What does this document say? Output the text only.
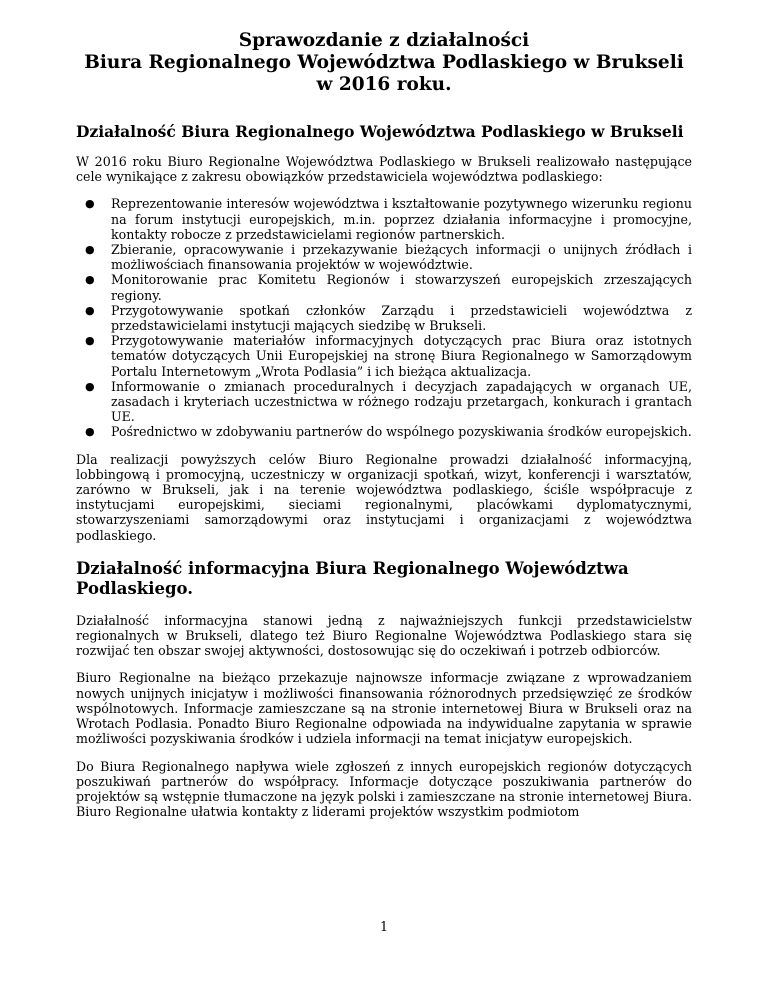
Sprawozdanie z działalności
Biura Regionalnego Województwa Podlaskiego w Brukseli
w 2016 roku.
Działalność Biura Regionalnego Województwa Podlaskiego w Brukseli

W 2016 roku Biuro Regionalne Województwa Podlaskiego w Brukseli realizowało następujące cele wynikające z zakresu obowiązków przedstawiciela województwa podlaskiego:

● Reprezentowanie interesów województwa i kształtowanie pozytywnego wizerunku regionu na forum instytucji europejskich, m.in. poprzez działania informacyjne i promocyjne, kontakty robocze z przedstawicielami regionów partnerskich.
● Zbieranie, opracowywanie i przekazywanie bieżących informacji o unijnych źródłach i możliwościach finansowania projektów w województwie.
● Monitorowanie prac Komitetu Regionów i stowarzyszeń europejskich zrzeszających regiony.
● Przygotowywanie spotkań członków Zarządu i przedstawicieli województwa z przedstawicielami instytucji mających siedzibę w Brukseli.
● Przygotowywanie materiałów informacyjnych dotyczących prac Biura oraz istotnych tematów dotyczących Unii Europejskiej na stronę Biura Regionalnego w Samorządowym Portalu Internetowym „Wrota Podlasia” i ich bieżąca aktualizacja.
● Informowanie o zmianach proceduralnych i decyzjach zapadających w organach UE, zasadach i kryteriach uczestnictwa w różnego rodzaju przetargach, konkurach i grantach UE.
● Pośrednictwo w zdobywaniu partnerów do wspólnego pozyskiwania środków europejskich.

Dla realizacji powyższych celów Biuro Regionalne prowadzi działalność informacyjną, lobbingową i promocyjną, uczestniczy w organizacji spotkań, wizyt, konferencji i warsztatów, zarówno w Brukseli, jak i na terenie województwa podlaskiego, ściśle współpracuje z instytucjami europejskimi, sieciami regionalnymi, placówkami dyplomatycznymi, stowarzyszeniami samorządowymi oraz instytucjami i organizacjami z województwa podlaskiego.

Działalność informacyjna Biura Regionalnego Województwa Podlaskiego.

Działalność informacyjna stanowi jedną z najważniejszych funkcji przedstawicielstw regionalnych w Brukseli, dlatego też Biuro Regionalne Województwa Podlaskiego stara się rozwijać ten obszar swojej aktywności, dostosowując się do oczekiwań i potrzeb odbiorców.

Biuro Regionalne na bieżąco przekazuje najnowsze informacje związane z wprowadzaniem nowych unijnych inicjatyw i możliwości finansowania różnorodnych przedsięwzięć ze środków wspólnotowych. Informacje zamieszczane są na stronie internetowej Biura w Brukseli oraz na Wrotach Podlasia. Ponadto Biuro Regionalne odpowiada na indywidualne zapytania w sprawie możliwości pozyskiwania środków i udziela informacji na temat inicjatyw europejskich.

Do Biura Regionalnego napływa wiele zgłoszeń z innych europejskich regionów dotyczących poszukiwań partnerów do współpracy. Informacje dotyczące poszukiwania partnerów do projektów są wstępnie tłumaczone na język polski i zamieszczane na stronie internetowej Biura. Biuro Regionalne ułatwia kontakty z liderami projektów wszystkim podmiotom

1
